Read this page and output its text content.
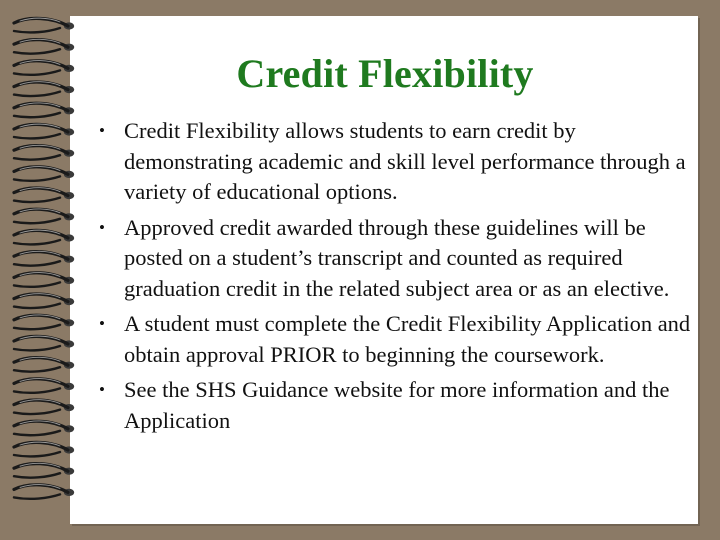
Credit Flexibility
• Credit Flexibility allows students to earn credit by demonstrating academic and skill level performance through a variety of educational options.
• Approved credit awarded through these guidelines will be posted on a student’s transcript and counted as required graduation credit in the related subject area or as an elective.
• A student must complete the Credit Flexibility Application and obtain approval PRIOR to beginning the coursework.
• See the SHS Guidance website for more information and the Application
